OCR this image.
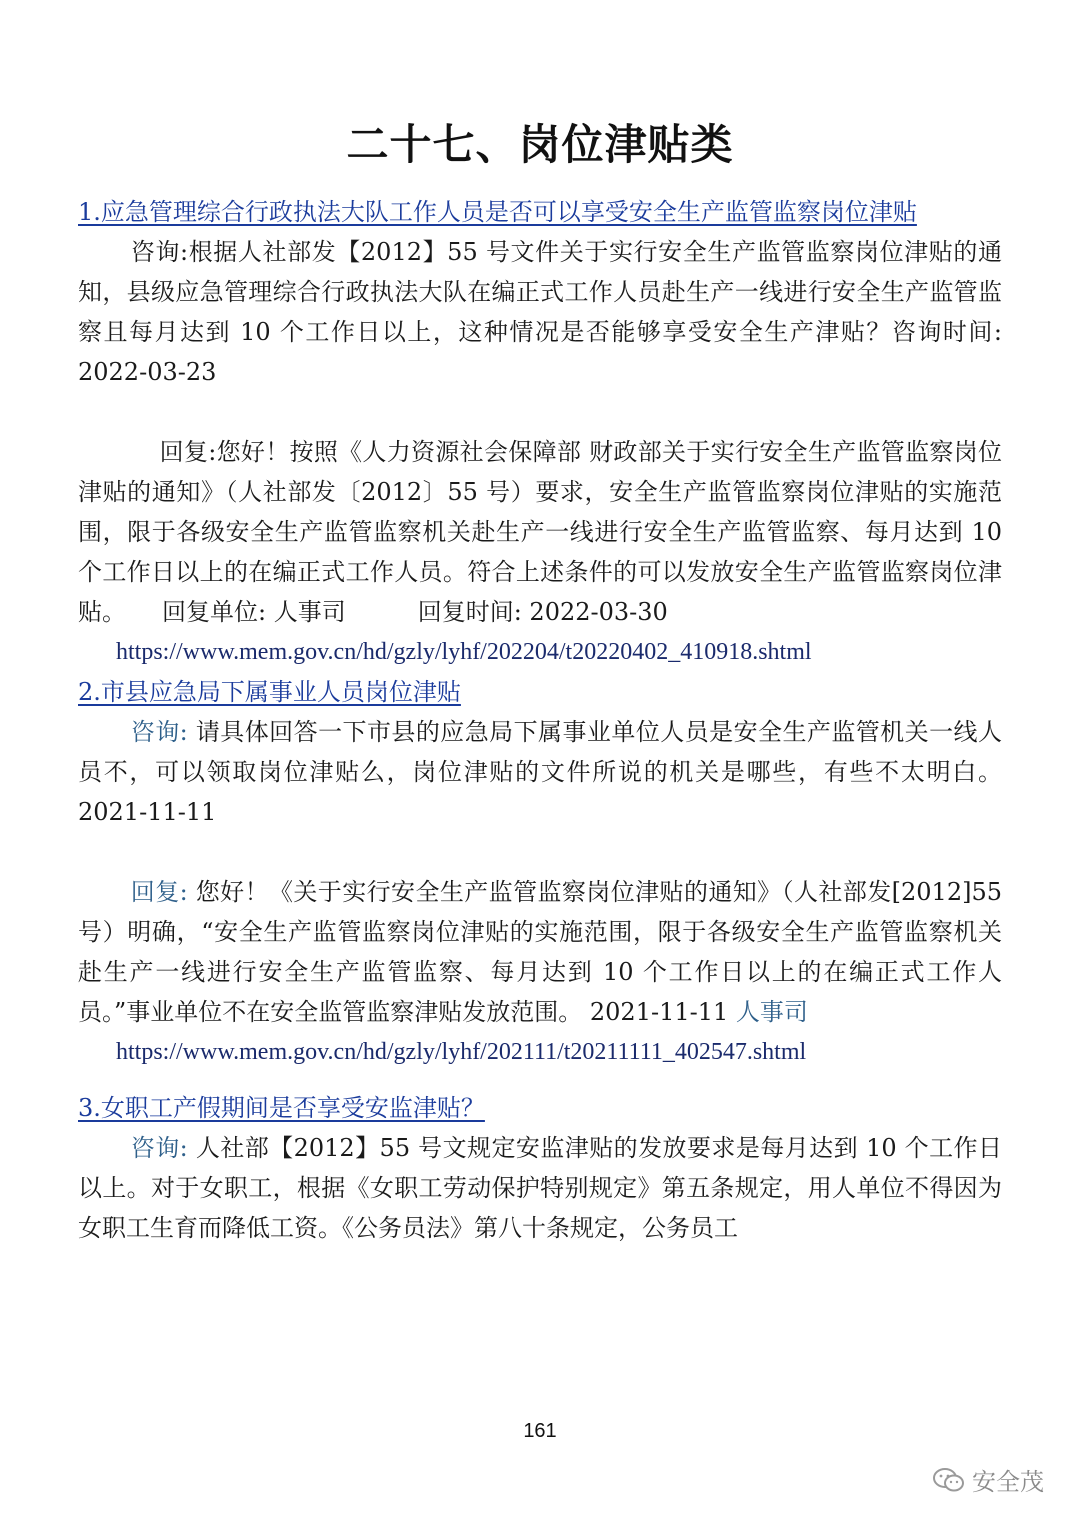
二十七、岗位津贴类
1.应急管理综合行政执法大队工作人员是否可以享受安全生产监管监察岗位津贴

咨询:根据人社部发【2012】55 号文件关于实行安全生产监管监察岗位津贴的通知，县级应急管理综合行政执法大队在编正式工作人员赴生产一线进行安全生产监管监察且每月达到 10 个工作日以上，这种情况是否能够享受安全生产津贴？咨询时间: 2022-03-23

回复:您好！按照《人力资源社会保障部 财政部关于实行安全生产监管监察岗位津贴的通知》（人社部发〔2012〕55 号）要求，安全生产监管监察岗位津贴的实施范围，限于各级安全生产监管监察机关赴生产一线进行安全生产监管监察、每月达到 10 个工作日以上的在编正式工作人员。符合上述条件的可以发放安全生产监管监察岗位津贴。　　回复单位: 人事司　　　回复时间: 2022-03-30

https://www.mem.gov.cn/hd/gzly/lyhf/202204/t20220402_410918.shtml
2.市县应急局下属事业人员岗位津贴

咨询: 请具体回答一下市县的应急局下属事业单位人员是安全生产监管机关一线人员不，可以领取岗位津贴么，岗位津贴的文件所说的机关是哪些，有些不太明白。 2021-11-11

回复: 您好！《关于实行安全生产监管监察岗位津贴的通知》（人社部发[2012]55 号）明确，“安全生产监管监察岗位津贴的实施范围，限于各级安全生产监管监察机关赴生产一线进行安全生产监管监察、每月达到 10 个工作日以上的在编正式工作人员。”事业单位不在安全监管监察津贴发放范围。 2021-11-11 人事司

https://www.mem.gov.cn/hd/gzly/lyhf/202111/t20211111_402547.shtml
3.女职工产假期间是否享受安监津贴？

咨询: 人社部【2012】55 号文规定安监津贴的发放要求是每月达到 10 个工作日以上。对于女职工，根据《女职工劳动保护特别规定》第五条规定，用人单位不得因为女职工生育而降低工资。《公务员法》第八十条规定，公务员工

161
安全茂
